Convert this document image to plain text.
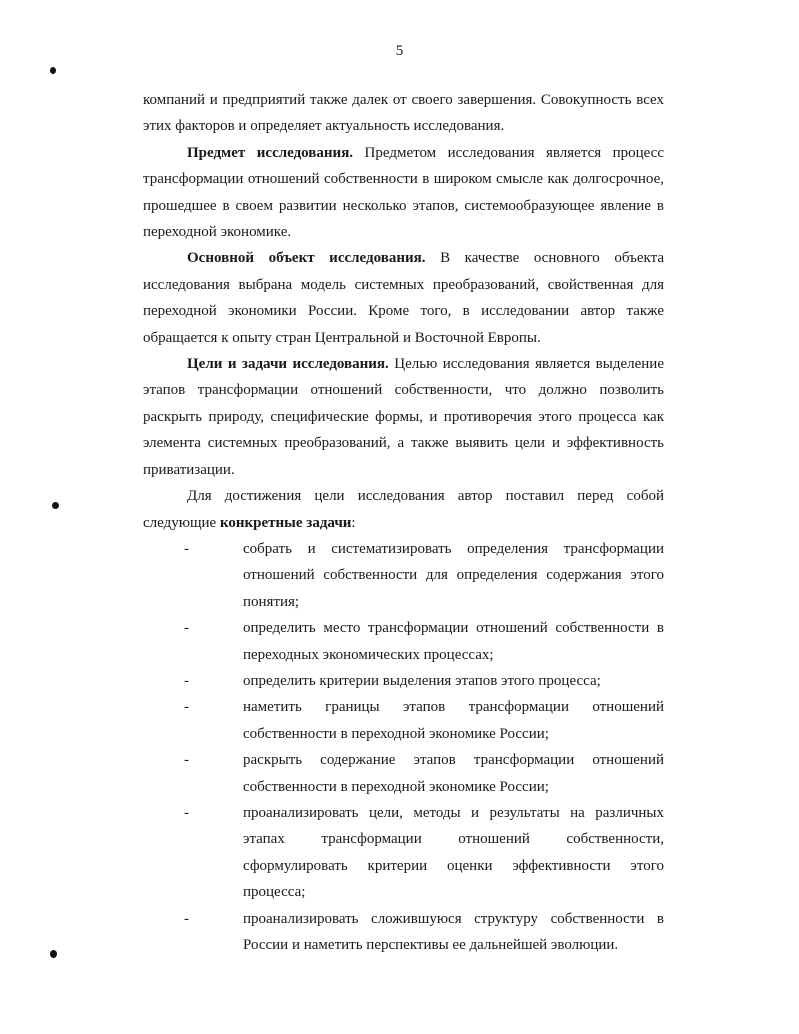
5

компаний и предприятий также далек от своего завершения. Совокупность всех этих факторов и определяет актуальность исследования.

Предмет исследования. Предметом исследования является процесс трансформации отношений собственности в широком смысле как долгосрочное, прошедшее в своем развитии несколько этапов, системообразующее явление в переходной экономике.

Основной объект исследования. В качестве основного объекта исследования выбрана модель системных преобразований, свойственная для переходной экономики России. Кроме того, в исследовании автор также обращается к опыту стран Центральной и Восточной Европы.

Цели и задачи исследования. Целью исследования является выделение этапов трансформации отношений собственности, что должно позволить раскрыть природу, специфические формы, и противоречия этого процесса как элемента системных преобразований, а также выявить цели и эффективность приватизации.

Для достижения цели исследования автор поставил перед собой следующие конкретные задачи:

-	собрать и систематизировать определения трансформации отношений собственности для определения содержания этого понятия;
-	определить место трансформации отношений собственности в переходных экономических процессах;
-	определить критерии выделения этапов этого процесса;
-	наметить границы этапов трансформации отношений собственности в переходной экономике России;
-	раскрыть содержание этапов трансформации отношений собственности в переходной экономике России;
-	проанализировать цели, методы и результаты на различных этапах трансформации отношений собственности, сформулировать критерии оценки эффективности этого процесса;
-	проанализировать сложившуюся структуру собственности в России и наметить перспективы ее дальнейшей эволюции.
